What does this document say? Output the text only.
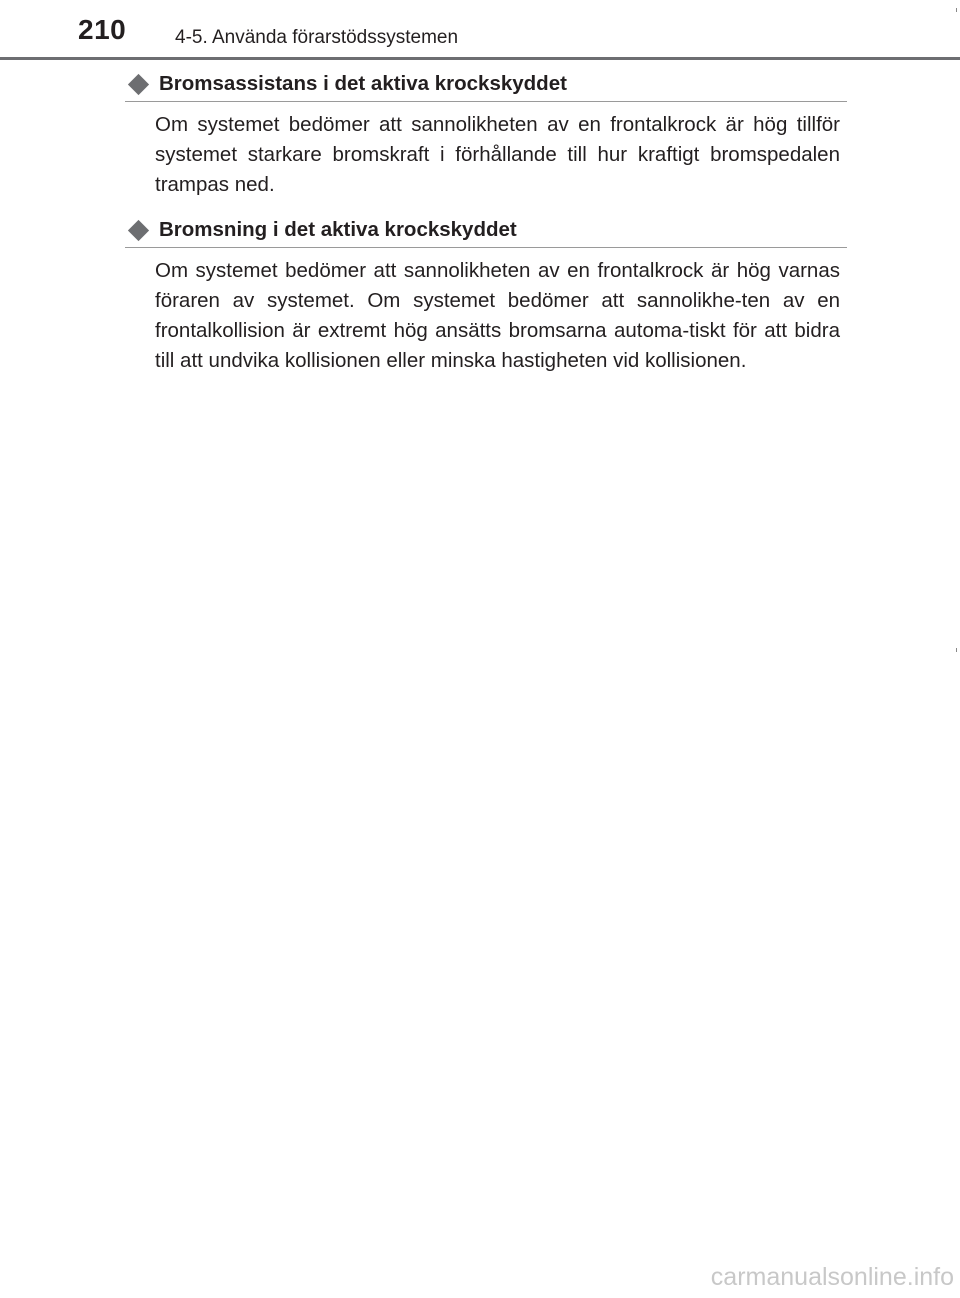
210	4-5. Använda förarstödssystemen
Bromsassistans i det aktiva krockskyddet

Om systemet bedömer att sannolikheten av en frontalkrock är hög tillför systemet starkare bromskraft i förhållande till hur kraftigt bromspedalen trampas ned.

Bromsning i det aktiva krockskyddet

Om systemet bedömer att sannolikheten av en frontalkrock är hög varnas föraren av systemet. Om systemet bedömer att sannolikhe-ten av en frontalkollision är extremt hög ansätts bromsarna automa-tiskt för att bidra till att undvika kollisionen eller minska hastigheten vid kollisionen.

carmanualsonline.info
